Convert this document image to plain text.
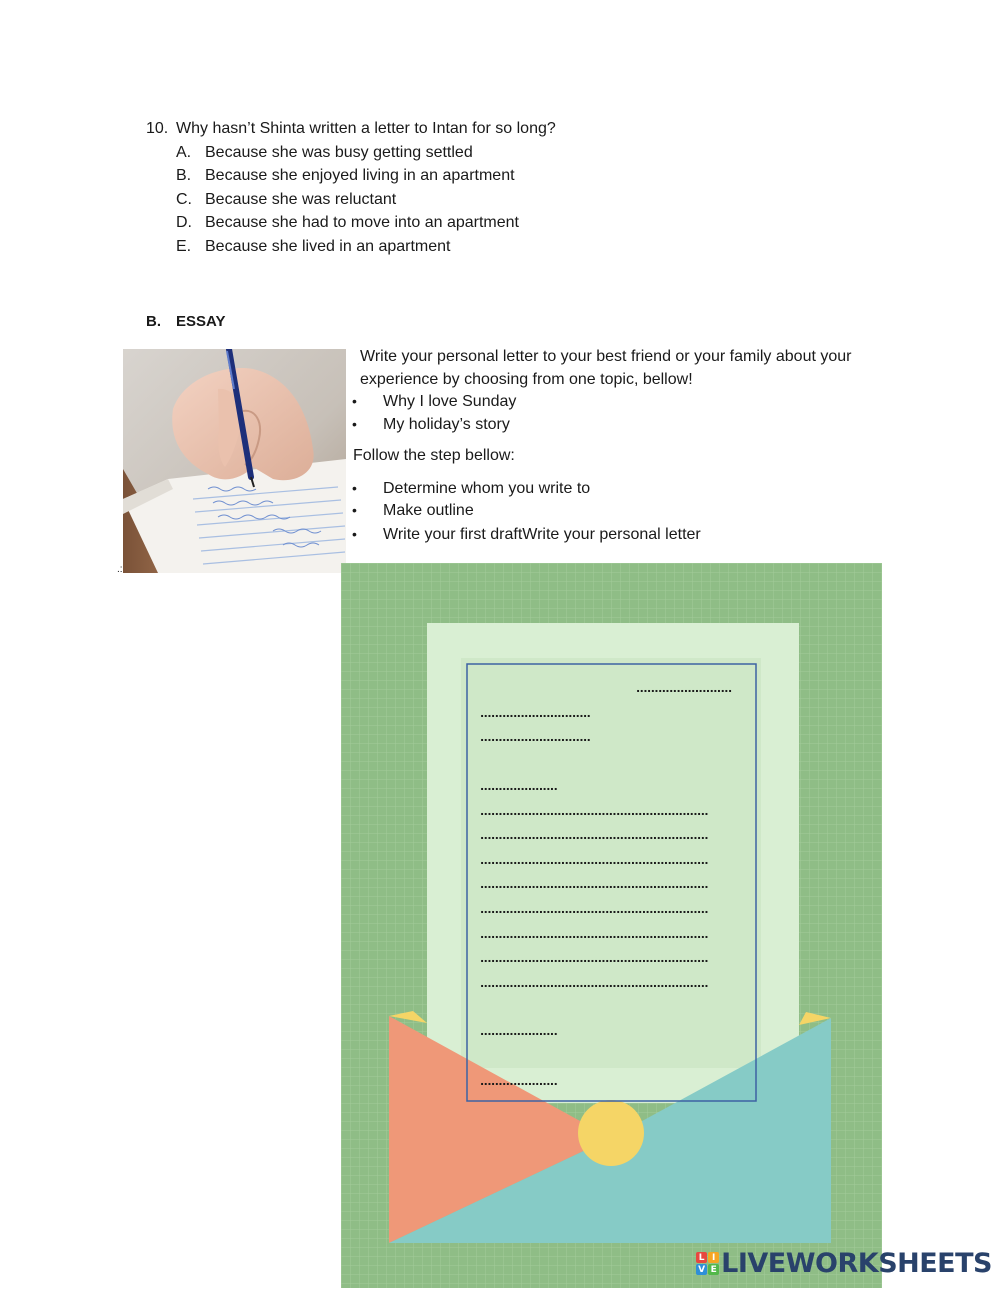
10. Why hasn’t Shinta written a letter to Intan for so long?
A. Because she was busy getting settled
B. Because she enjoyed living in an apartment
C. Because she was reluctant
D. Because she had to move into an apartment
E. Because she lived in an apartment
B. ESSAY
Write your personal letter to your best friend or your family about your experience by choosing from one topic, bellow!
•	Why I love Sunday
•	My holiday’s story
Follow the step bellow:
•	Determine whom you write to
•	Make outline
•	Write your first draftWrite your personal letter
.:
..........................
..............................
..............................
.....................
..............................................................
..............................................................
..............................................................
..............................................................
..............................................................
..............................................................
..............................................................
..............................................................
.....................
.....................
L I
V E LIVEWORKSHEETS
